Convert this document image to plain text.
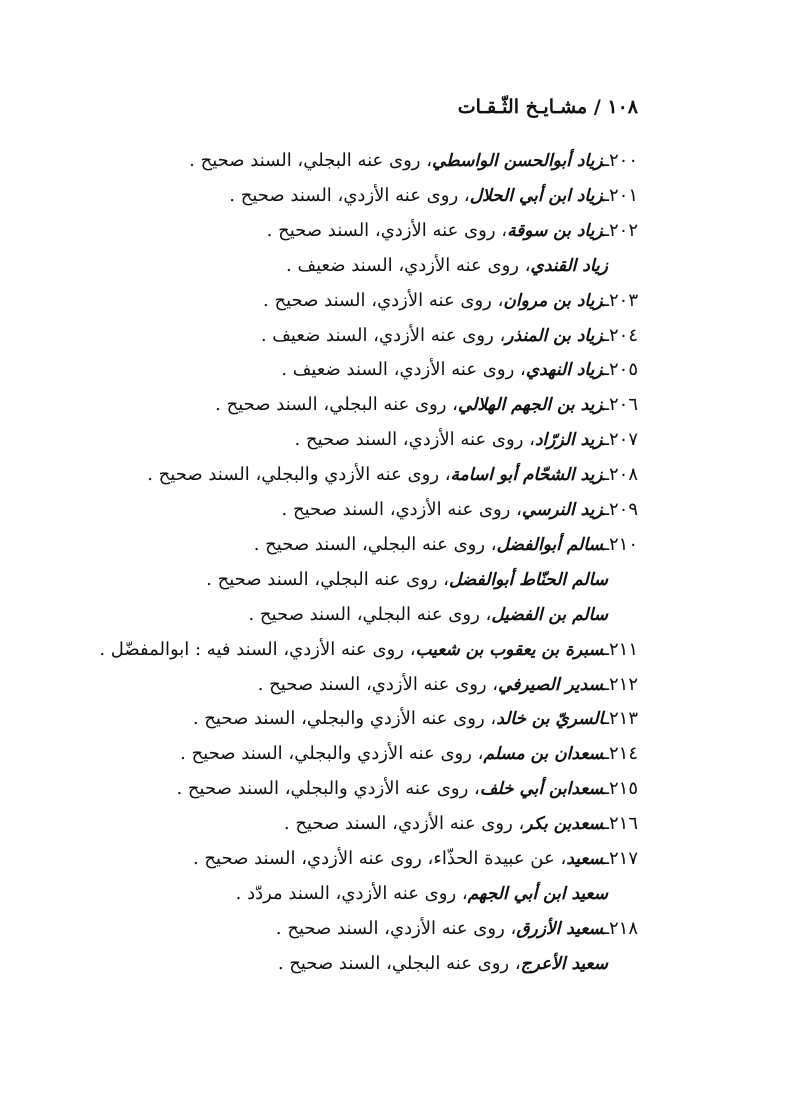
١٠٨ / مشـايـخ الثّـقـات
٢٠٠ـزياد أبوالحسن الواسطي، روى عنه البجلي، السند صحيح .
٢٠١ـزياد ابن أبي الحلال، روى عنه الأزدي، السند صحيح .
٢٠٢ـزياد بن سوقة، روى عنه الأزدي، السند صحيح .
زياد القندي، روى عنه الأزدي، السند ضعيف .
٢٠٣ـزياد بن مروان، روى عنه الأزدي، السند صحيح .
٢٠٤ـزياد بن المنذر، روى عنه الأزدي، السند ضعيف .
٢٠٥ـزياد النهدي، روى عنه الأزدي، السند ضعيف .
٢٠٦ـزيد بن الجهم الهلالي، روى عنه البجلي، السند صحيح .
٢٠٧ـزيد الزرّاد، روى عنه الأزدي، السند صحيح .
٢٠٨ـزيد الشحّام أبو اسامة، روى عنه الأزدي والبجلي، السند صحيح .
٢٠٩ـزيد النرسي، روى عنه الأزدي، السند صحيح .
٢١٠ـسالم أبوالفضل، روى عنه البجلي، السند صحيح .
سالم الحنّاط أبوالفضل، روى عنه البجلي، السند صحيح .
سالم بن الفضيل، روى عنه البجلي، السند صحيح .
٢١١ـسبرة بن يعقوب بن شعيب، روى عنه الأزدي، السند فيه : ابوالمفضّل .
٢١٢ـسدير الصيرفي، روى عنه الأزدي، السند صحيح .
٢١٣ـالسريّ بن خالد، روى عنه الأزدي والبجلي، السند صحيح .
٢١٤ـسعدان بن مسلم، روى عنه الأزدي والبجلي، السند صحيح .
٢١٥ـسعدابن أبي خلف، روى عنه الأزدي والبجلي، السند صحيح .
٢١٦ـسعدبن بكر، روى عنه الأزدي، السند صحيح .
٢١٧ـسعيد، عن عبيدة الحذّاء، روى عنه الأزدي، السند صحيح .
سعيد ابن أبي الجهم، روى عنه الأزدي، السند مردّد .
٢١٨ـسعيد الأزرق، روى عنه الأزدي، السند صحيح .
سعيد الأعرج، روى عنه البجلي، السند صحيح .
